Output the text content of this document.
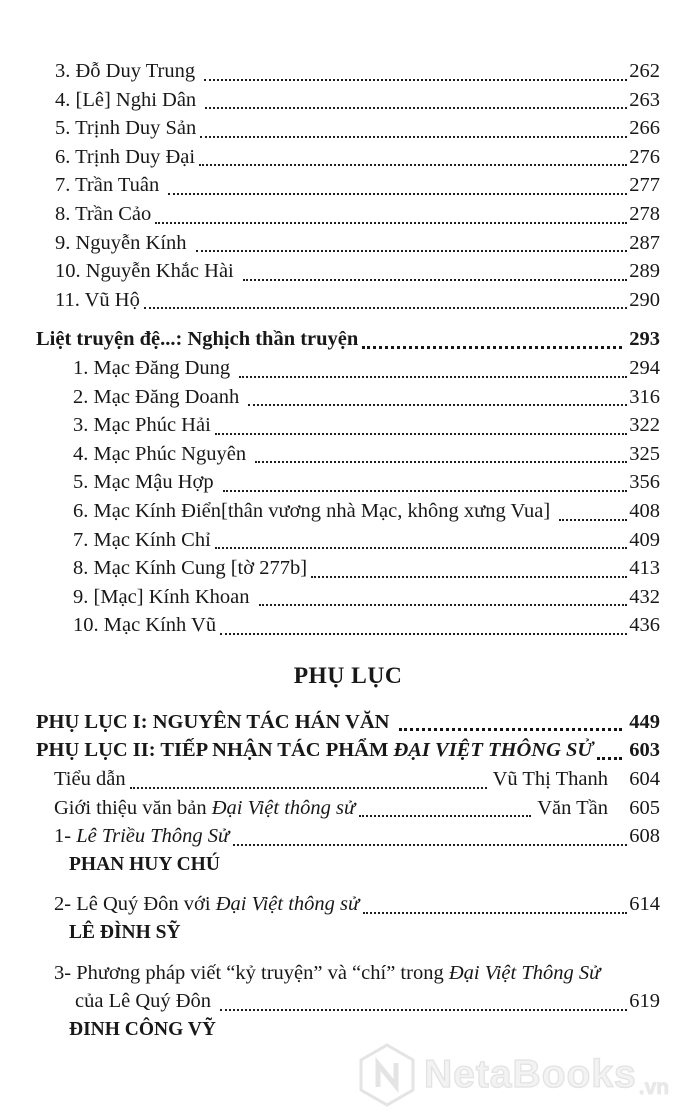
3. Đỗ Duy Trung	262
4. [Lê] Nghi Dân	263
5. Trịnh Duy Sản	266
6. Trịnh Duy Đại	276
7. Trần Tuân	277
8. Trần Cảo	278
9. Nguyễn Kính	287
10. Nguyễn Khắc Hài	289
11. Vũ Hộ	290
Liệt truyện đệ...: Nghịch thần truyện	293
1. Mạc Đăng Dung	294
2. Mạc Đăng Doanh	316
3. Mạc Phúc Hải	322
4. Mạc Phúc Nguyên	325
5. Mạc Mậu Hợp	356
6. Mạc Kính Điển[thân vương nhà Mạc, không xưng Vua]	408
7. Mạc Kính Chỉ	409
8. Mạc Kính Cung [tờ 277b]	413
9. [Mạc] Kính Khoan	432
10. Mạc Kính Vũ	436
PHỤ LỤC
PHỤ LỤC I: NGUYÊN TÁC HÁN VĂN	449
PHỤ LỤC II: TIẾP NHẬN TÁC PHẨM ĐẠI VIỆT THÔNG SỬ 603
Tiểu dẫn	Vũ Thị Thanh	604
Giới thiệu văn bản Đại Việt thông sử	Văn Tần	605
1- Lê Triều Thông Sử	608
PHAN HUY CHÚ
2- Lê Quý Đôn với Đại Việt thông sử	614
LÊ ĐÌNH SỸ
3- Phương pháp viết “kỷ truyện” và “chí” trong Đại Việt Thông Sử
của Lê Quý Đôn	619
ĐINH CÔNG VỸ
NetaBooks .vn
